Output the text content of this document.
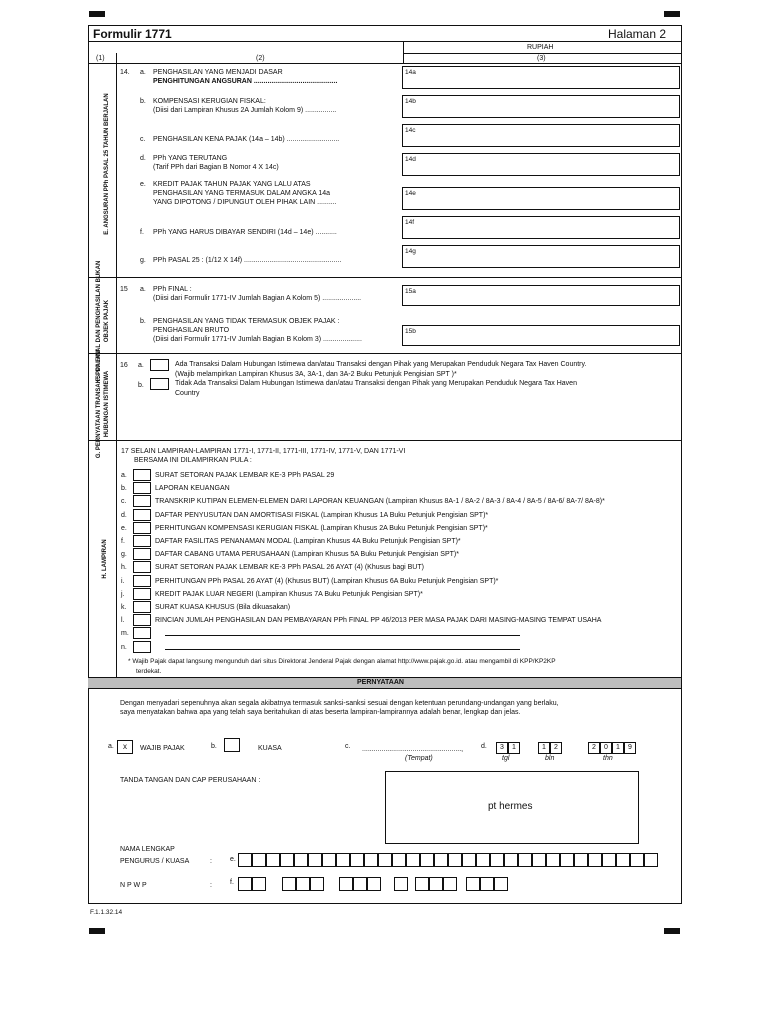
Formulir 1771	Halaman 2
RUPIAH
(1)	(2)	(3)
E. ANGSURAN PPh PASAL 25 TAHUN BERJALAN
14. a. PENGHASILAN YANG MENJADI DASAR
PENGHITUNGAN ANGSURAN ...........................................
14a
b. KOMPENSASI KERUGIAN FISKAL:
(Diisi dari Lampiran Khusus 2A Jumlah Kolom 9) ................
14b
c. PENGHASILAN KENA PAJAK (14a – 14b) ...........................
14c
d. PPh YANG TERUTANG
(Tarif PPh dari Bagian B Nomor 4 X 14c)
14d
e. KREDIT PAJAK TAHUN PAJAK YANG LALU ATAS
PENGHASILAN YANG TERMASUK DALAM ANGKA 14a
YANG DIPOTONG / DIPUNGUT OLEH PIHAK LAIN ..........
14e
f. PPh YANG HARUS DIBAYAR SENDIRI (14d – 14e) ...........
14f
g. PPh PASAL 25 : (1/12 X 14f) ..................................................
14g
F. PPh FINAL DAN PENGHASILAN BUKAN OBJEK PAJAK
15 a. PPh FINAL :
(Diisi dari Formulir 1771-IV Jumlah Bagian A Kolom 5) ....................
15a
b. PENGHASILAN YANG TIDAK TERMASUK OBJEK PAJAK :
PENGHASILAN BRUTO
(Diisi dari Formulir 1771-IV Jumlah Bagian B Kolom 3) ....................
15b
G. PERNYATAAN TRANSAKSI DALAM HUBUNGAN ISTIMEWA
16 a.	Ada Transaksi Dalam Hubungan Istimewa dan/atau Transaksi dengan Pihak yang Merupakan Penduduk Negara Tax Haven Country.
(Wajib melampirkan Lampiran Khusus 3A, 3A-1, dan 3A-2 Buku Petunjuk Pengisian SPT )*
b.	Tidak Ada Transaksi Dalam Hubungan Istimewa dan/atau Transaksi dengan Pihak yang Merupakan Penduduk Negara Tax Haven
Country
H. LAMPIRAN
17 SELAIN LAMPIRAN-LAMPIRAN 1771-I, 1771-II, 1771-III, 1771-IV, 1771-V, DAN 1771-VI
BERSAMA INI DILAMPIRKAN PULA :
a.	SURAT SETORAN PAJAK LEMBAR KE-3 PPh PASAL 29
b.	LAPORAN KEUANGAN
c.	TRANSKRIP KUTIPAN ELEMEN-ELEMEN DARI LAPORAN KEUANGAN (Lampiran Khusus 8A-1 / 8A-2 / 8A-3 / 8A-4 / 8A-5 / 8A-6/ 8A-7/ 8A-8)*
d.	DAFTAR PENYUSUTAN DAN AMORTISASI FISKAL (Lampiran Khusus 1A Buku Petunjuk Pengisian SPT)*
e.	PERHITUNGAN KOMPENSASI KERUGIAN FISKAL (Lampiran Khusus 2A Buku Petunjuk Pengisian SPT)*
f.	DAFTAR FASILITAS PENANAMAN MODAL (Lampiran Khusus 4A Buku Petunjuk Pengisian SPT)*
g.	DAFTAR CABANG UTAMA PERUSAHAAN (Lampiran Khusus 5A Buku Petunjuk Pengisian SPT)*
h.	SURAT SETORAN PAJAK LEMBAR KE-3 PPh PASAL 26 AYAT (4) (Khusus bagi BUT)
i.	PERHITUNGAN PPh PASAL 26 AYAT (4) (Khusus BUT) (Lampiran Khusus 6A Buku Petunjuk Pengisian SPT)*
j.	KREDIT PAJAK LUAR NEGERI (Lampiran Khusus 7A Buku Petunjuk Pengisian SPT)*
k.	SURAT KUASA KHUSUS (Bila dikuasakan)
l.	RINCIAN JUMLAH PENGHASILAN DAN PEMBAYARAN PPh FINAL PP 46/2013 PER MASA PAJAK DARI MASING-MASING TEMPAT USAHA
m.
n.
* Wajib Pajak dapat langsung mengunduh dari situs Direktorat Jenderal Pajak dengan alamat http://www.pajak.go.id. atau mengambil di KPP/KP2KP
terdekat.
PERNYATAAN
Dengan menyadari sepenuhnya akan segala akibatnya termasuk sanksi-sanksi sesuai dengan ketentuan perundang-undangan yang berlaku,
saya menyatakan bahwa apa yang telah saya beritahukan di atas beserta lampiran-lampirannya adalah benar, lengkap dan jelas.
a.	x	WAJIB PAJAK	b.	KUASA	c. ...................................................,
(Tempat)
d.	3	1	1	2	2	0	1	9
tgl	bln	thn
TANDA TANGAN DAN CAP PERUSAHAAN :
pt hermes
NAMA LENGKAP
PENGURUS / KUASA	:	e.
N P W P	:	f.
F.1.1.32.14
